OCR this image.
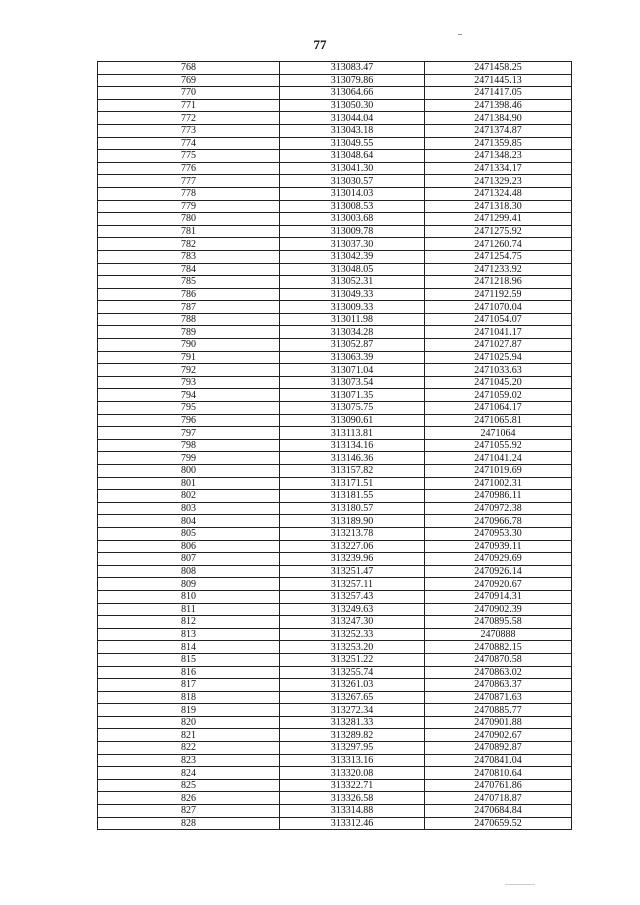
77
768	313083.47	2471458.25
769	313079.86	2471445.13
770	313064.66	2471417.05
771	313050.30	2471398.46
772	313044.04	2471384.90
773	313043.18	2471374.87
774	313049.55	2471359.85
775	313048.64	2471348.23
776	313041.30	2471334.17
777	313030.57	2471329.23
778	313014.03	2471324.48
779	313008.53	2471318.30
780	313003.68	2471299.41
781	313009.78	2471275.92
782	313037.30	2471260.74
783	313042.39	2471254.75
784	313048.05	2471233.92
785	313052.31	2471218.96
786	313049.33	2471192.59
787	313009.33	2471070.04
788	313011.98	2471054.07
789	313034.28	2471041.17
790	313052.87	2471027.87
791	313063.39	2471025.94
792	313071.04	2471033.63
793	313073.54	2471045.20
794	313071.35	2471059.02
795	313075.75	2471064.17
796	313090.61	2471065.81
797	313113.81	2471064
798	313134.16	2471055.92
799	313146.36	2471041.24
800	313157.82	2471019.69
801	313171.51	2471002.31
802	313181.55	2470986.11
803	313180.57	2470972.38
804	313189.90	2470966.78
805	313213.78	2470953.30
806	313227.06	2470939.11
807	313239.96	2470929.69
808	313251.47	2470926.14
809	313257.11	2470920.67
810	313257.43	2470914.31
811	313249.63	2470902.39
812	313247.30	2470895.58
813	313252.33	2470888
814	313253.20	2470882.15
815	313251.22	2470870.58
816	313255.74	2470863.02
817	313261.03	2470863.37
818	313267.65	2470871.63
819	313272.34	2470885.77
820	313281.33	2470901.88
821	313289.82	2470902.67
822	313297.95	2470892.87
823	313313.16	2470841.04
824	313320.08	2470810.64
825	313322.71	2470761.86
826	313326.58	2470718.87
827	313314.88	2470684.84
828	313312.46	2470659.52
